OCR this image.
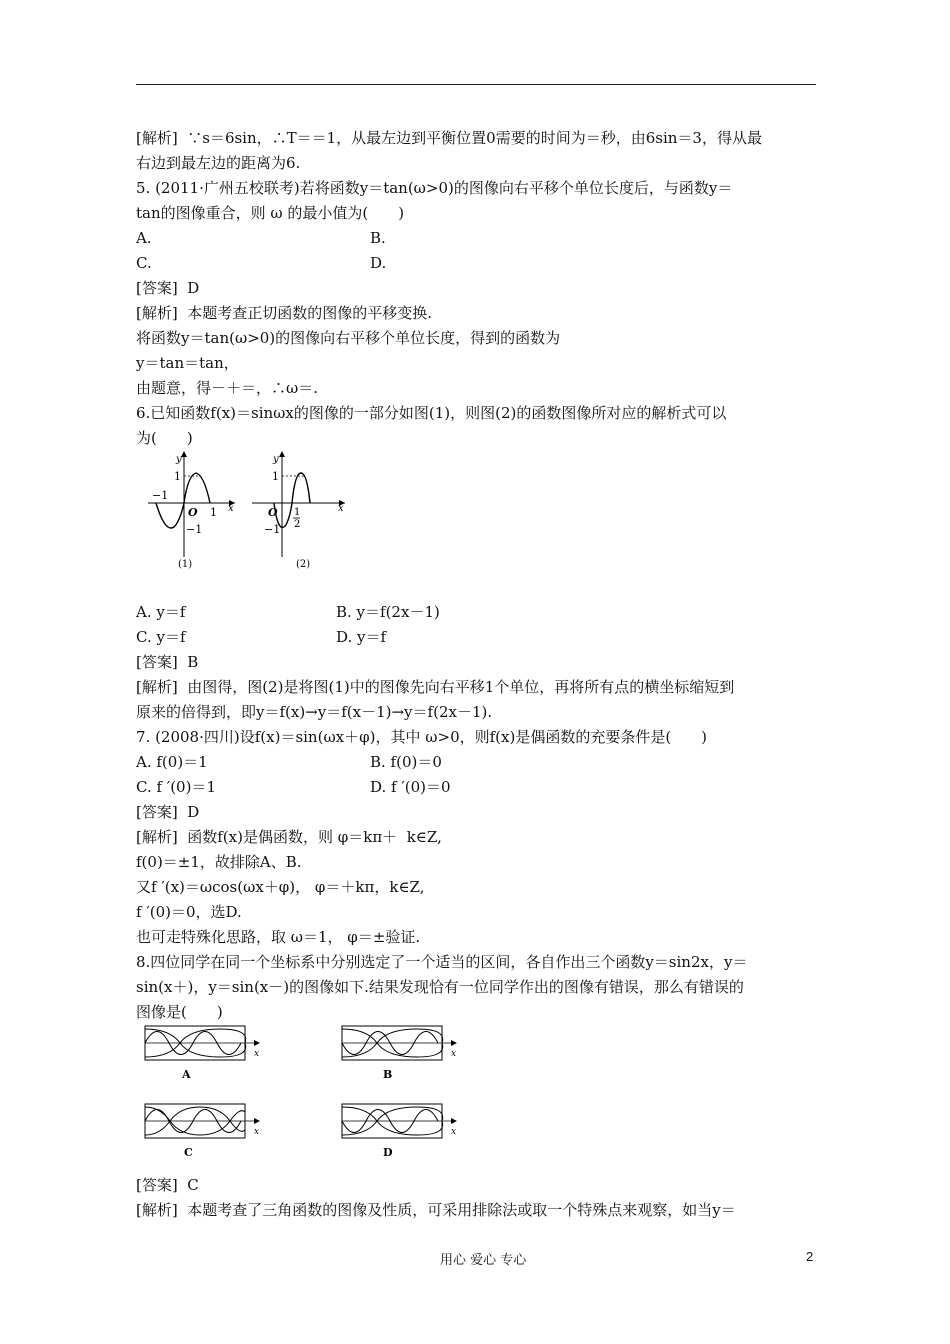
[解析]  ∵s＝6sin，∴T＝＝1，从最左边到平衡位置0需要的时间为＝秒，由6sin＝3，得从最
右边到最左边的距离为6.
5. (2011·广州五校联考)若将函数y＝tan(ω>0)的图像向右平移个单位长度后，与函数y＝
tan的图像重合，则 ω 的最小值为(　　)
A.	B.
C.	D.
[答案]  D
[解析]  本题考查正切函数的图像的平移变换.
将函数y＝tan(ω>0)的图像向右平移个单位长度，得到的函数为
y＝tan＝tan，
由题意，得－＋＝，∴ω＝.
6.已知函数f(x)＝sinωx的图像的一部分如图(1)，则图(2)的函数图像所对应的解析式可以
为(　　)
y
1
−1
O 1 x
−1
(1)
y
1
O 1
2
x
−1
(2)
A. y＝f	B. y＝f(2x－1)
C. y＝f	D. y＝f
[答案]  B
[解析]  由图得，图(2)是将图(1)中的图像先向右平移1个单位，再将所有点的横坐标缩短到
原来的倍得到，即y＝f(x)→y＝f(x－1)→y＝f(2x－1).
7. (2008·四川)设f(x)＝sin(ωx＋φ)，其中 ω>0，则f(x)是偶函数的充要条件是(　　)
A. f(0)＝1	B. f(0)＝0
C. f ′(0)＝1	D. f ′(0)＝0
[答案]  D
[解析]  函数f(x)是偶函数，则 φ＝kπ＋  k∈Z,
f(0)＝±1，故排除A、B.
又f ′(x)＝ωcos(ωx＋φ)， φ＝＋kπ，k∈Z,
f ′(0)＝0，选D.
也可走特殊化思路，取 ω＝1， φ＝±验证.
8.四位同学在同一个坐标系中分别选定了一个适当的区间，各自作出三个函数y＝sin2x，y＝
sin(x＋)，y＝sin(x－)的图像如下.结果发现恰有一位同学作出的图像有错误，那么有错误的
图像是(　　)
x
A
x
B
x
C
x
D
[答案]  C
[解析]  本题考查了三角函数的图像及性质，可采用排除法或取一个特殊点来观察，如当y＝
用心 爱心 专心	2
